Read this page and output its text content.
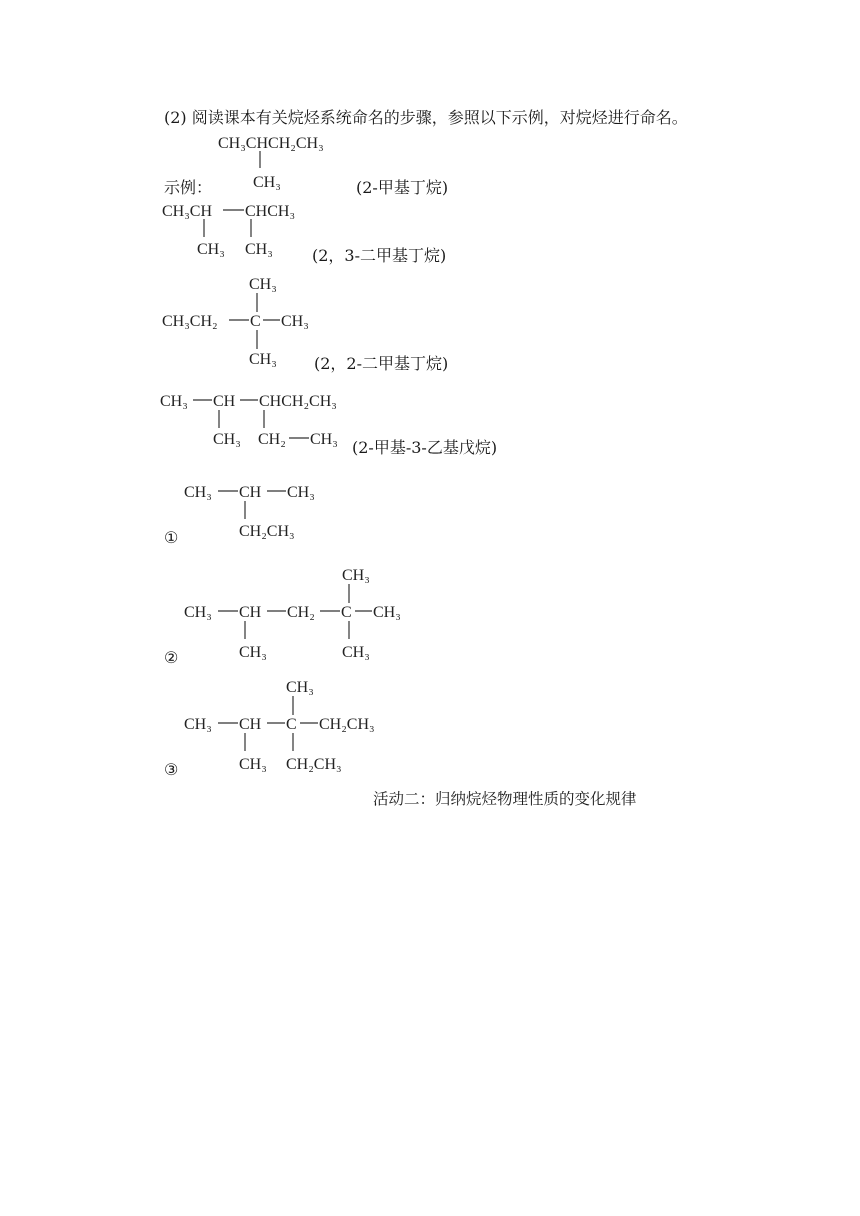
(2) 阅读课本有关烷烃系统命名的步骤，参照以下示例，对烷烃进行命名。
CH₃CHCH₂CH₃
CH₃
示例：	(2-甲基丁烷)
CH₃CH CHCH₃
CH₃ CH₃ (2，3-二甲基丁烷)
CH₃
CH₃CH₂ C CH₃
CH₃ (2，2-二甲基丁烷)
CH₃ CH CHCH₂CH₃
CH₃ CH₂ CH₃ (2-甲基-3-乙基戊烷)
CH₃ CH CH₃
CH₂CH₃
①
CH₃
CH₃ CH CH₂ C CH₃
CH₃	CH₃
②
CH₃
CH₃ CH C CH₂CH₃
CH₃ CH₂CH₃
③
活动二：归纳烷烃物理性质的变化规律
